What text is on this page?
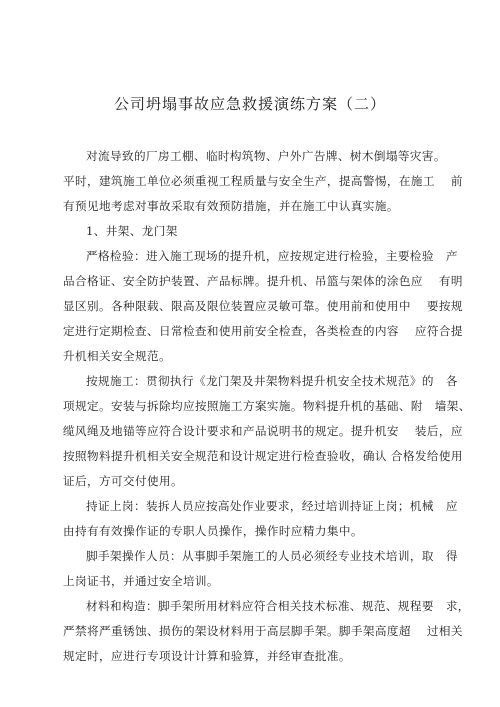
公司坍塌事故应急救援演练方案（二）
对流导致的厂房工棚、临时构筑物、户外广告牌、树木倒塌等灾害。
平时，建筑施工单位必须重视工程质量与安全生产，提高警惕，在施工　 前
有预见地考虑对事故采取有效预防措施，并在施工中认真实施。
1、井架、龙门架
严格检验：进入施工现场的提升机，应按规定进行检验，主要检验　产
品合格证、安全防护装置、产品标牌。提升机、吊篮与架体的涂色应　 有明
显区别。各种限载、限高及限位装置应灵敏可靠。使用前和使用中　 要按规
定进行定期检查、日常检查和使用前安全检查，各类检查的内容　 应符合提
升机相关安全规范。
按规施工：贯彻执行《龙门架及井架物料提升机安全技术规范》的　各
项规定。安装与拆除均应按照施工方案实施。物料提升机的基础、附　墙架、
缆风绳及地锚等应符合设计要求和产品说明书的规定。提升机安　 装后，应
按照物料提升机相关安全规范和设计规定进行检查验收，确认 合格发给使用
证后，方可交付使用。
持证上岗：装拆人员应按高处作业要求，经过培训持证上岗；机械　应
由持有有效操作证的专职人员操作，操作时应精力集中。
脚手架操作人员：从事脚手架施工的人员必须经专业技术培训，取　得
上岗证书，并通过安全培训。
材料和构造：脚手架所用材料应符合相关技术标准、规范、规程要　求，
严禁将严重锈蚀、损伤的架设材料用于高层脚手架。脚手架高度超　 过相关
规定时，应进行专项设计计算和验算，并经审查批准。
